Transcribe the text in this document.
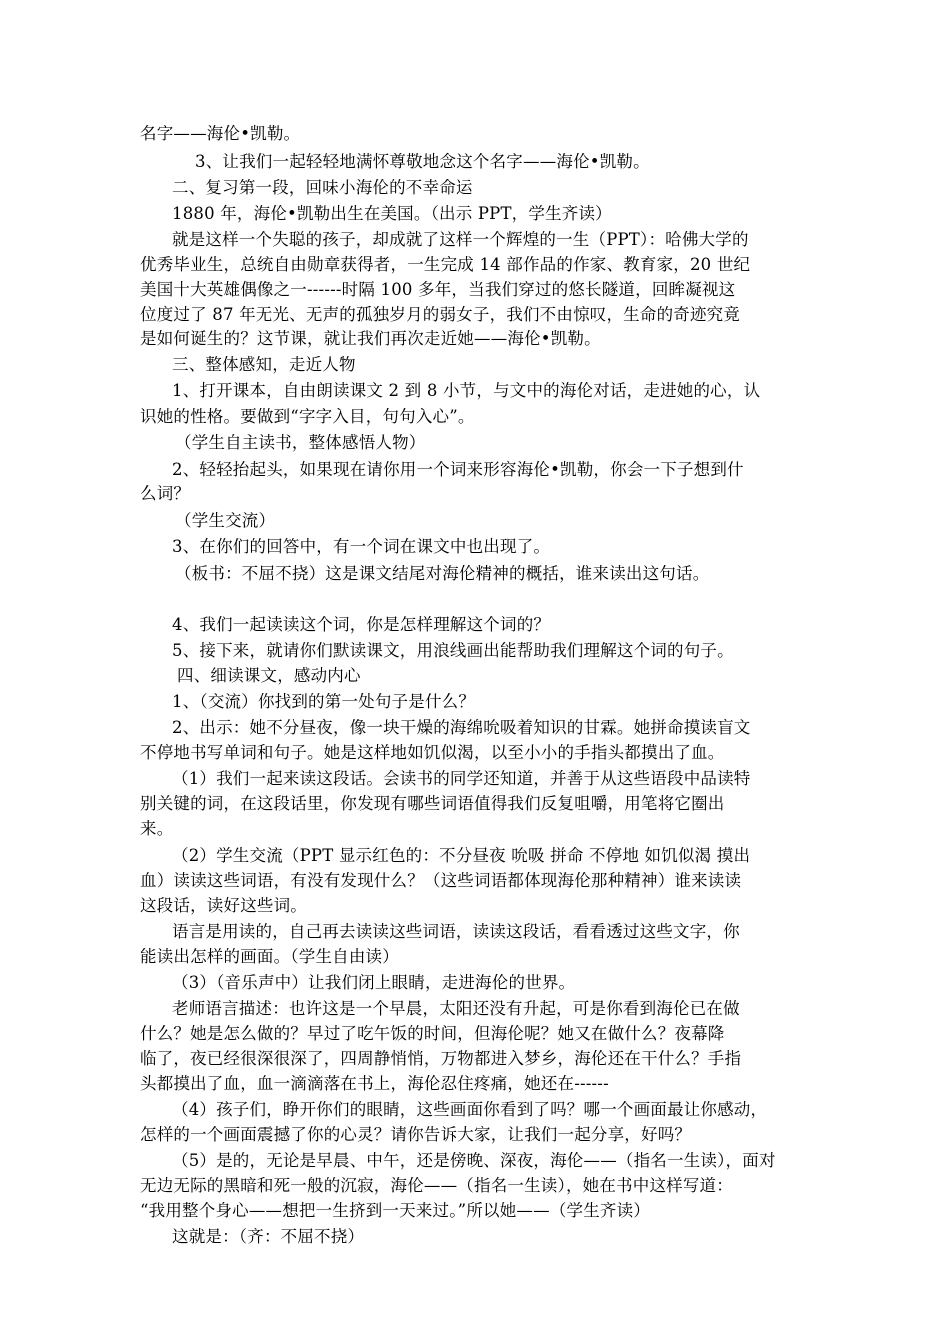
名字——海伦•凯勒。
3、让我们一起轻轻地满怀尊敬地念这个名字——海伦•凯勒。
二、复习第一段，回味小海伦的不幸命运
1880 年，海伦•凯勒出生在美国。（出示 PPT，学生齐读）
就是这样一个失聪的孩子，却成就了这样一个辉煌的一生（PPT）：哈佛大学的
优秀毕业生，总统自由勋章获得者，一生完成 14 部作品的作家、教育家，20 世纪
美国十大英雄偶像之一------时隔 100 多年，当我们穿过的悠长隧道，回眸凝视这
位度过了 87 年无光、无声的孤独岁月的弱女子，我们不由惊叹，生命的奇迹究竟
是如何诞生的？这节课，就让我们再次走近她——海伦•凯勒。
三、整体感知，走近人物
1、打开课本，自由朗读课文 2 到 8 小节，与文中的海伦对话，走进她的心，认
识她的性格。要做到“字字入目，句句入心”。
（学生自主读书，整体感悟人物）
2、轻轻抬起头，如果现在请你用一个词来形容海伦•凯勒，你会一下子想到什
么词？
（学生交流）
3、在你们的回答中，有一个词在课文中也出现了。
（板书：不屈不挠）这是课文结尾对海伦精神的概括，谁来读出这句话。
4、我们一起读读这个词，你是怎样理解这个词的？
5、接下来，就请你们默读课文，用浪线画出能帮助我们理解这个词的句子。
四、细读课文，感动内心
1、（交流）你找到的第一处句子是什么？
2、出示：她不分昼夜，像一块干燥的海绵吮吸着知识的甘霖。她拼命摸读盲文
不停地书写单词和句子。她是这样地如饥似渴，以至小小的手指头都摸出了血。
（1）我们一起来读这段话。会读书的同学还知道，并善于从这些语段中品读特
别关键的词，在这段话里，你发现有哪些词语值得我们反复咀嚼，用笔将它圈出
来。
（2）学生交流（PPT 显示红色的：不分昼夜 吮吸 拼命 不停地 如饥似渴 摸出
血）读读这些词语，有没有发现什么？（这些词语都体现海伦那种精神）谁来读读
这段话，读好这些词。
语言是用读的，自己再去读读这些词语，读读这段话，看看透过这些文字，你
能读出怎样的画面。（学生自由读）
（3）（音乐声中）让我们闭上眼睛，走进海伦的世界。
老师语言描述：也许这是一个早晨，太阳还没有升起，可是你看到海伦已在做
什么？她是怎么做的？早过了吃午饭的时间，但海伦呢？她又在做什么？夜幕降
临了，夜已经很深很深了，四周静悄悄，万物都进入梦乡，海伦还在干什么？手指
头都摸出了血，血一滴滴落在书上，海伦忍住疼痛，她还在------
（4）孩子们，睁开你们的眼睛，这些画面你看到了吗？哪一个画面最让你感动，
怎样的一个画面震撼了你的心灵？请你告诉大家，让我们一起分享，好吗？
（5）是的，无论是早晨、中午，还是傍晚、深夜，海伦——（指名一生读），面对
无边无际的黑暗和死一般的沉寂，海伦——（指名一生读），她在书中这样写道：
“我用整个身心——想把一生挤到一天来过。”所以她——（学生齐读）
这就是：（齐：不屈不挠）
